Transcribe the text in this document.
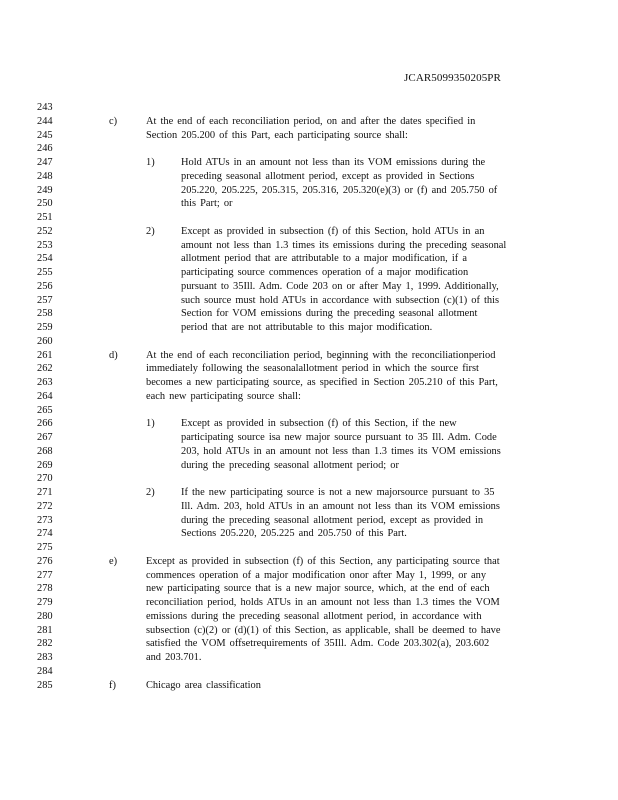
JCAR5099350205PR
243
244	c)	At the end of each reconciliation period, on and after the dates specified in
245	Section 205.200 of this Part, each participating source shall:
246
247	1)	Hold ATUs in an amount not less than its VOM emissions during the
248	preceding seasonal allotment period, except as provided in Sections
249	205.220, 205.225, 205.315, 205.316, 205.320(e)(3) or (f) and 205.750 of
250	this Part; or
251
252	2)	Except as provided in subsection (f) of this Section, hold ATUs in an
253	amount not less than 1.3 times its emissions during the preceding seasonal
254	allotment period that are attributable to a major modification, if a
255	participating source commences operation of a major modification
256	pursuant to 35Ill. Adm. Code 203 on or after May 1, 1999. Additionally,
257	such source must hold ATUs in accordance with subsection (c)(1) of this
258	Section for VOM emissions during the preceding seasonal allotment
259	period that are not attributable to this major modification.
260
261	d)	At the end of each reconciliation period, beginning with the reconciliationperiod
262	immediately following the seasonalallotment period in which the source first
263	becomes a new participating source, as specified in Section 205.210 of this Part,
264	each new participating source shall:
265
266	1)	Except as provided in subsection (f) of this Section, if the new
267	participating source isa new major source pursuant to 35 Ill. Adm. Code
268	203, hold ATUs in an amount not less than 1.3 times its VOM emissions
269	during the preceding seasonal allotment period; or
270
271	2)	If the new participating source is not a new majorsource pursuant to 35
272	Ill. Adm. 203, hold ATUs in an amount not less than its VOM emissions
273	during the preceding seasonal allotment period, except as provided in
274	Sections 205.220, 205.225 and 205.750 of this Part.
275
276	e)	Except as provided in subsection (f) of this Section, any participating source that
277	commences operation of a major modification onor after May 1, 1999, or any
278	new participating source that is a new major source, which, at the end of each
279	reconciliation period, holds ATUs in an amount not less than 1.3 times the VOM
280	emissions during the preceding seasonal allotment period, in accordance with
281	subsection (c)(2) or (d)(1) of this Section, as applicable, shall be deemed to have
282	satisfied the VOM offsetrequirements of 35Ill. Adm. Code 203.302(a), 203.602
283	and 203.701.
284
285	f)	Chicago area classification
